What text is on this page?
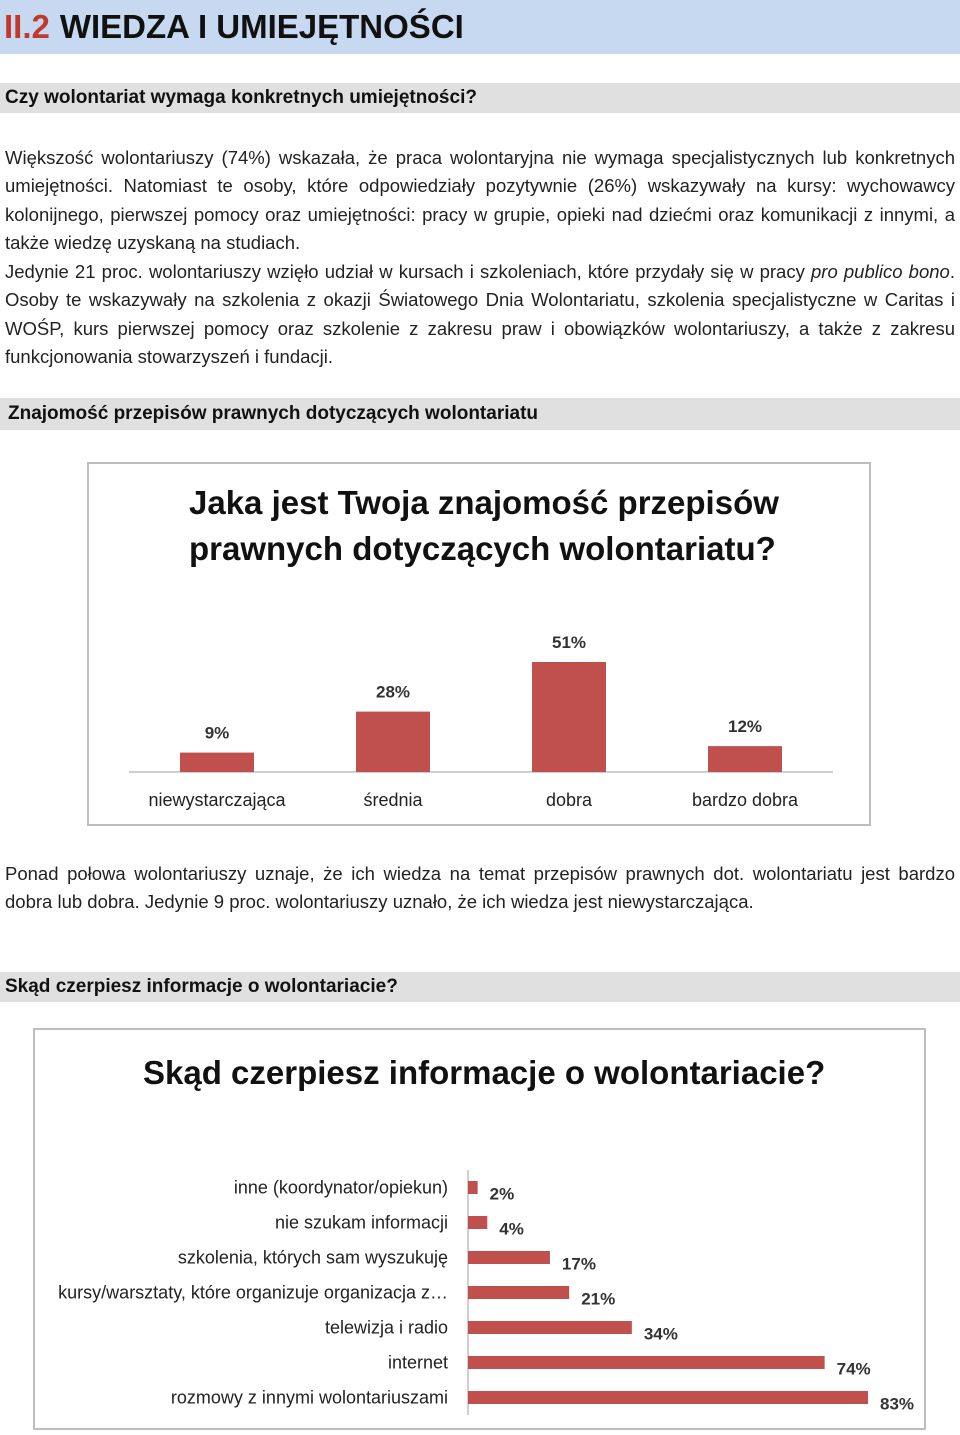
II.2 WIEDZA I UMIEJĘTNOŚCI
Czy wolontariat wymaga konkretnych umiejętności?

Większość wolontariuszy (74%) wskazała, że praca wolontaryjna nie wymaga specjalistycznych lub konkretnych umiejętności. Natomiast te osoby, które odpowiedziały pozytywnie (26%) wskazywały na kursy: wychowawcy kolonijnego, pierwszej pomocy oraz umiejętności: pracy w grupie, opieki nad dziećmi oraz komunikacji z innymi, a także wiedzę uzyskaną na studiach.

Jedynie 21 proc. wolontariuszy wzięło udział w kursach i szkoleniach, które przydały się w pracy pro publico bono. Osoby te wskazywały na szkolenia z okazji Światowego Dnia Wolontariatu, szkolenia specjalistyczne w Caritas i WOŚP, kurs pierwszej pomocy oraz szkolenie z zakresu praw i obowiązków wolontariuszy, a także z zakresu funkcjonowania stowarzyszeń i fundacji.

Znajomość przepisów prawnych dotyczących wolontariatu

Jaka jest Twoja znajomość przepisów
prawnych dotyczących wolontariatu?

9%
niewystarczająca
28%
średnia
51%
dobra
12%
bardzo dobra

Ponad połowa wolontariuszy uznaje, że ich wiedza na temat przepisów prawnych dot. wolontariatu jest bardzo dobra lub dobra. Jedynie 9 proc. wolontariuszy uznało, że ich wiedza jest niewystarczająca.

Skąd czerpiesz informacje o wolontariacie?

Skąd czerpiesz informacje o wolontariacie?

inne (koordynator/opiekun) 2%
nie szukam informacji	4%
szkolenia, których sam wyszukuję	17%
kursy/warsztaty, które organizuje organizacja z…	21%
telewizja i radio	34%
internet	74%
rozmowy z innymi wolontariuszami	83%
